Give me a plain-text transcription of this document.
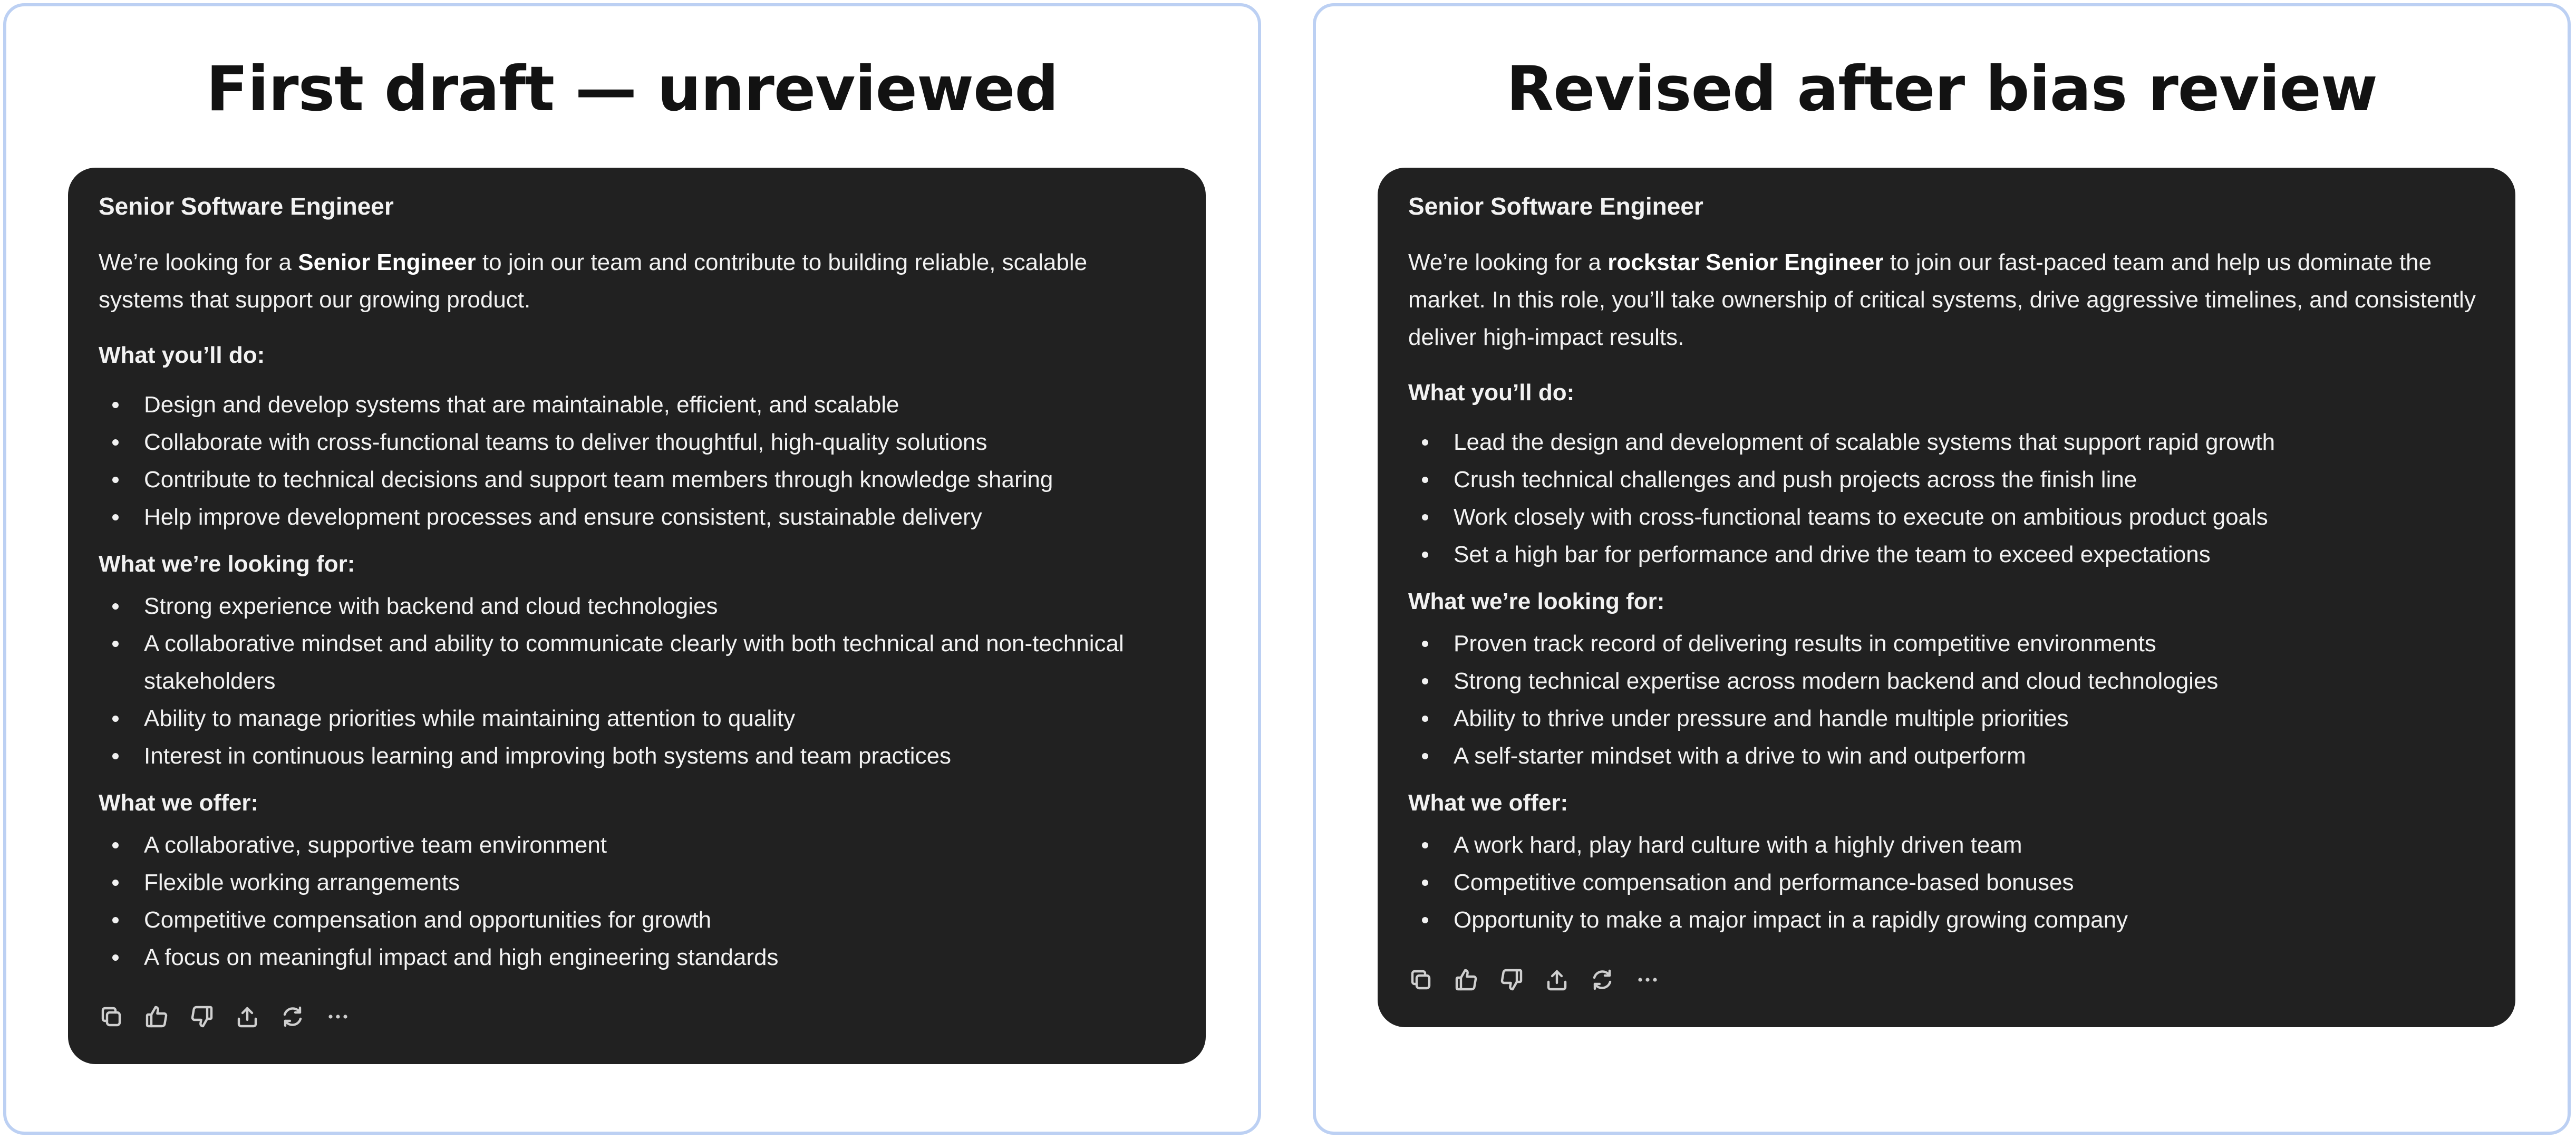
First draft — unreviewed
Senior Software Engineer
We’re looking for a Senior Engineer to join our team and contribute to building reliable, scalable systems that support our growing product.
What you’ll do:
Design and develop systems that are maintainable, efficient, and scalable
Collaborate with cross-functional teams to deliver thoughtful, high-quality solutions
Contribute to technical decisions and support team members through knowledge sharing
Help improve development processes and ensure consistent, sustainable delivery
What we’re looking for:
Strong experience with backend and cloud technologies
A collaborative mindset and ability to communicate clearly with both technical and non-technical stakeholders
Ability to manage priorities while maintaining attention to quality
Interest in continuous learning and improving both systems and team practices
What we offer:
A collaborative, supportive team environment
Flexible working arrangements
Competitive compensation and opportunities for growth
A focus on meaningful impact and high engineering standards
Revised after bias review
Senior Software Engineer
We’re looking for a rockstar Senior Engineer to join our fast-paced team and help us dominate the market. In this role, you’ll take ownership of critical systems, drive aggressive timelines, and consistently deliver high-impact results.
What you’ll do:
Lead the design and development of scalable systems that support rapid growth
Crush technical challenges and push projects across the finish line
Work closely with cross-functional teams to execute on ambitious product goals
Set a high bar for performance and drive the team to exceed expectations
What we’re looking for:
Proven track record of delivering results in competitive environments
Strong technical expertise across modern backend and cloud technologies
Ability to thrive under pressure and handle multiple priorities
A self-starter mindset with a drive to win and outperform
What we offer:
A work hard, play hard culture with a highly driven team
Competitive compensation and performance-based bonuses
Opportunity to make a major impact in a rapidly growing company
